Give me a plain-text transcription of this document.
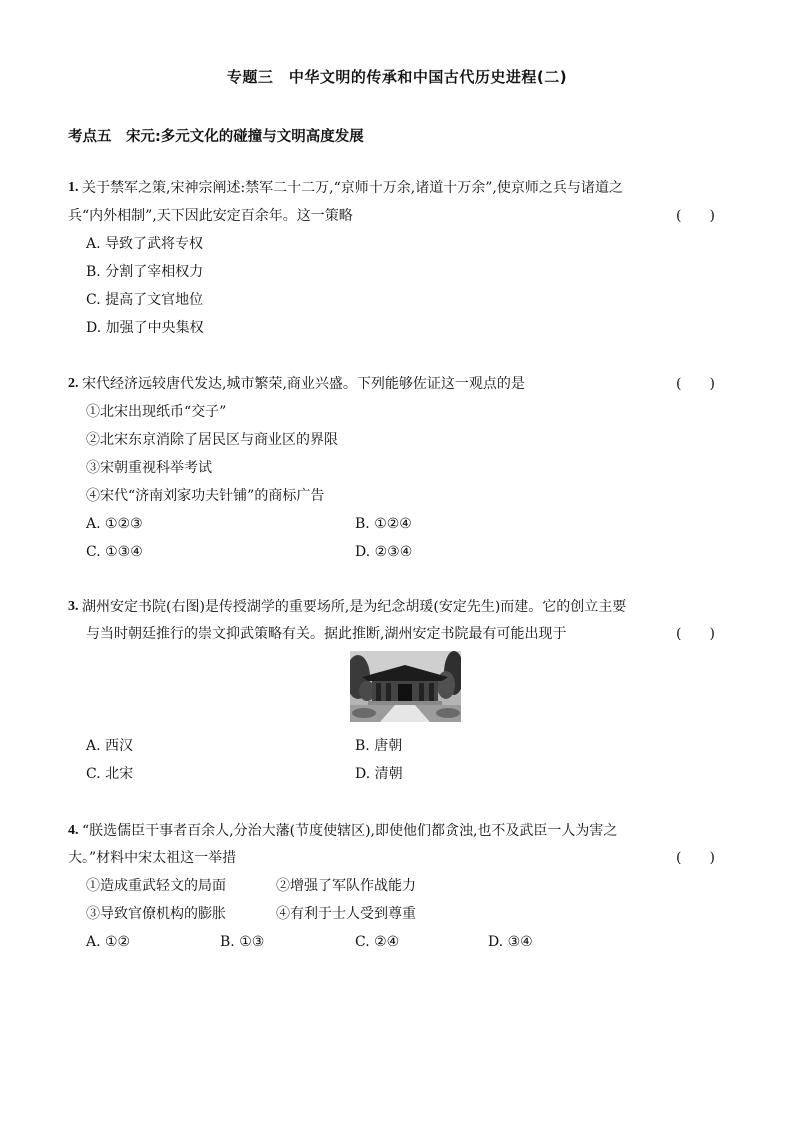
专题三　中华文明的传承和中国古代历史进程(二)
考点五　宋元:多元文化的碰撞与文明高度发展
1. 关于禁军之策,宋神宗阐述:禁军二十二万,“京师十万余,诸道十万余”,使京师之兵与诸道之
兵“内外相制”,天下因此安定百余年。这一策略	(　　)
A. 导致了武将专权
B. 分割了宰相权力
C. 提高了文官地位
D. 加强了中央集权
2. 宋代经济远较唐代发达,城市繁荣,商业兴盛。下列能够佐证这一观点的是	(　　)
①北宋出现纸币“交子”
②北宋东京消除了居民区与商业区的界限
③宋朝重视科举考试
④宋代“济南刘家功夫针铺”的商标广告
A. ①②③	B. ①②④
C. ①③④	D. ②③④
3. 湖州安定书院(右图)是传授湖学的重要场所,是为纪念胡瑗(安定先生)而建。它的创立主要
与当时朝廷推行的崇文抑武策略有关。据此推断,湖州安定书院最有可能出现于	(　　)
A. 西汉	B. 唐朝
C. 北宋	D. 清朝
4. “朕选儒臣干事者百余人,分治大藩(节度使辖区),即使他们都贪浊,也不及武臣一人为害之
大。”材料中宋太祖这一举措	(　　)
①造成重武轻文的局面	②增强了军队作战能力
③导致官僚机构的膨胀	④有利于士人受到尊重
A. ①②	B. ①③	C. ②④	D. ③④
